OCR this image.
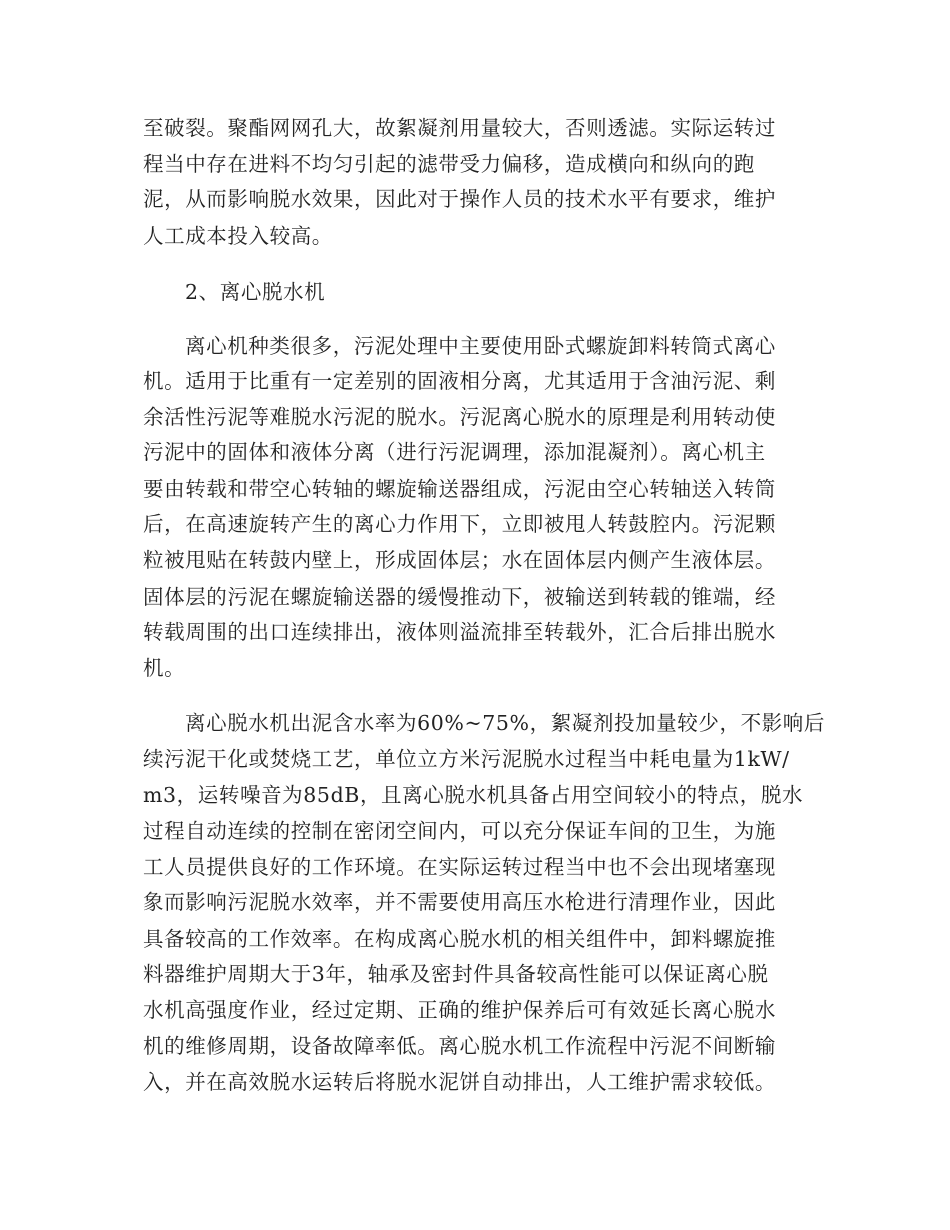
至破裂。聚酯网网孔大，故絮凝剂用量较大，否则透滤。实际运转过
程当中存在进料不均匀引起的滤带受力偏移，造成横向和纵向的跑
泥，从而影响脱水效果，因此对于操作人员的技术水平有要求，维护
人工成本投入较高。
2、离心脱水机
离心机种类很多，污泥处理中主要使用卧式螺旋卸料转筒式离心
机。适用于比重有一定差别的固液相分离，尤其适用于含油污泥、剩
余活性污泥等难脱水污泥的脱水。污泥离心脱水的原理是利用转动使
污泥中的固体和液体分离（进行污泥调理，添加混凝剂）。离心机主
要由转载和带空心转轴的螺旋输送器组成，污泥由空心转轴送入转筒
后，在高速旋转产生的离心力作用下，立即被甩人转鼓腔内。污泥颗
粒被甩贴在转鼓内壁上，形成固体层；水在固体层内侧产生液体层。
固体层的污泥在螺旋输送器的缓慢推动下，被输送到转载的锥端，经
转载周围的出口连续排出，液体则溢流排至转载外，汇合后排出脱水
机。
离心脱水机出泥含水率为60%~75%，絮凝剂投加量较少，不影响后
续污泥干化或焚烧工艺，单位立方米污泥脱水过程当中耗电量为1kW/
m3，运转噪音为85dB，且离心脱水机具备占用空间较小的特点，脱水
过程自动连续的控制在密闭空间内，可以充分保证车间的卫生，为施
工人员提供良好的工作环境。在实际运转过程当中也不会出现堵塞现
象而影响污泥脱水效率，并不需要使用高压水枪进行清理作业，因此
具备较高的工作效率。在构成离心脱水机的相关组件中，卸料螺旋推
料器维护周期大于3年，轴承及密封件具备较高性能可以保证离心脱
水机高强度作业，经过定期、正确的维护保养后可有效延长离心脱水
机的维修周期，设备故障率低。离心脱水机工作流程中污泥不间断输
入，并在高效脱水运转后将脱水泥饼自动排出，人工维护需求较低。
